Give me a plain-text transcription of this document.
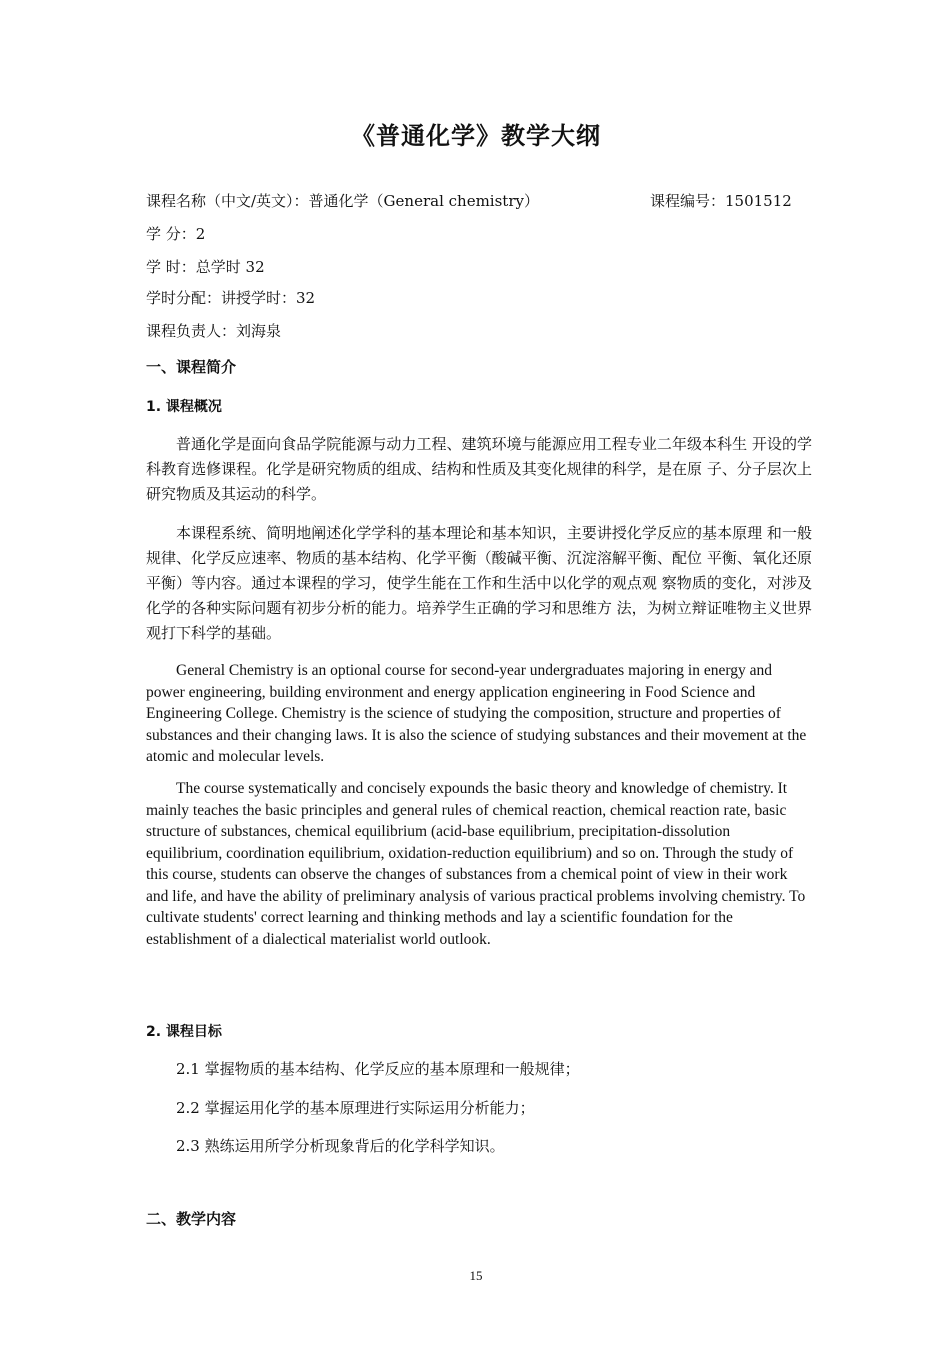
《普通化学》教学大纲
课程名称（中文/英文）：普通化学（General chemistry）	课程编号：1501512
学 分：2
学 时：总学时 32
学时分配：讲授学时：32
课程负责人：刘海泉
一、课程简介
1. 课程概况

普通化学是面向食品学院能源与动力工程、建筑环境与能源应用工程专业二年级本科生 开设的学科教育选修课程。化学是研究物质的组成、结构和性质及其变化规律的科学，是在原 子、分子层次上研究物质及其运动的科学。

本课程系统、简明地阐述化学学科的基本理论和基本知识，主要讲授化学反应的基本原理 和一般规律、化学反应速率、物质的基本结构、化学平衡（酸碱平衡、沉淀溶解平衡、配位 平衡、氧化还原平衡）等内容。通过本课程的学习，使学生能在工作和生活中以化学的观点观 察物质的变化，对涉及化学的各种实际问题有初步分析的能力。培养学生正确的学习和思维方 法，为树立辩证唯物主义世界观打下科学的基础。

General Chemistry is an optional course for second-year undergraduates majoring in energy and power engineering, building environment and energy application engineering in Food Science and Engineering College. Chemistry is the science of studying the composition, structure and properties of substances and their changing laws. It is also the science of studying substances and their movement at the atomic and molecular levels.

The course systematically and concisely expounds the basic theory and knowledge of chemistry. It mainly teaches the basic principles and general rules of chemical reaction, chemical reaction rate, basic structure of substances, chemical equilibrium (acid-base equilibrium, precipitation-dissolution equilibrium, coordination equilibrium, oxidation-reduction equilibrium) and so on. Through the study of this course, students can observe the changes of substances from a chemical point of view in their work and life, and have the ability of preliminary analysis of various practical problems involving chemistry. To cultivate students' correct learning and thinking methods and lay a scientific foundation for the establishment of a dialectical materialist world outlook.

2. 课程目标
2.1 掌握物质的基本结构、化学反应的基本原理和一般规律；
2.2 掌握运用化学的基本原理进行实际运用分析能力；
2.3 熟练运用所学分析现象背后的化学科学知识。
二、教学内容
15
